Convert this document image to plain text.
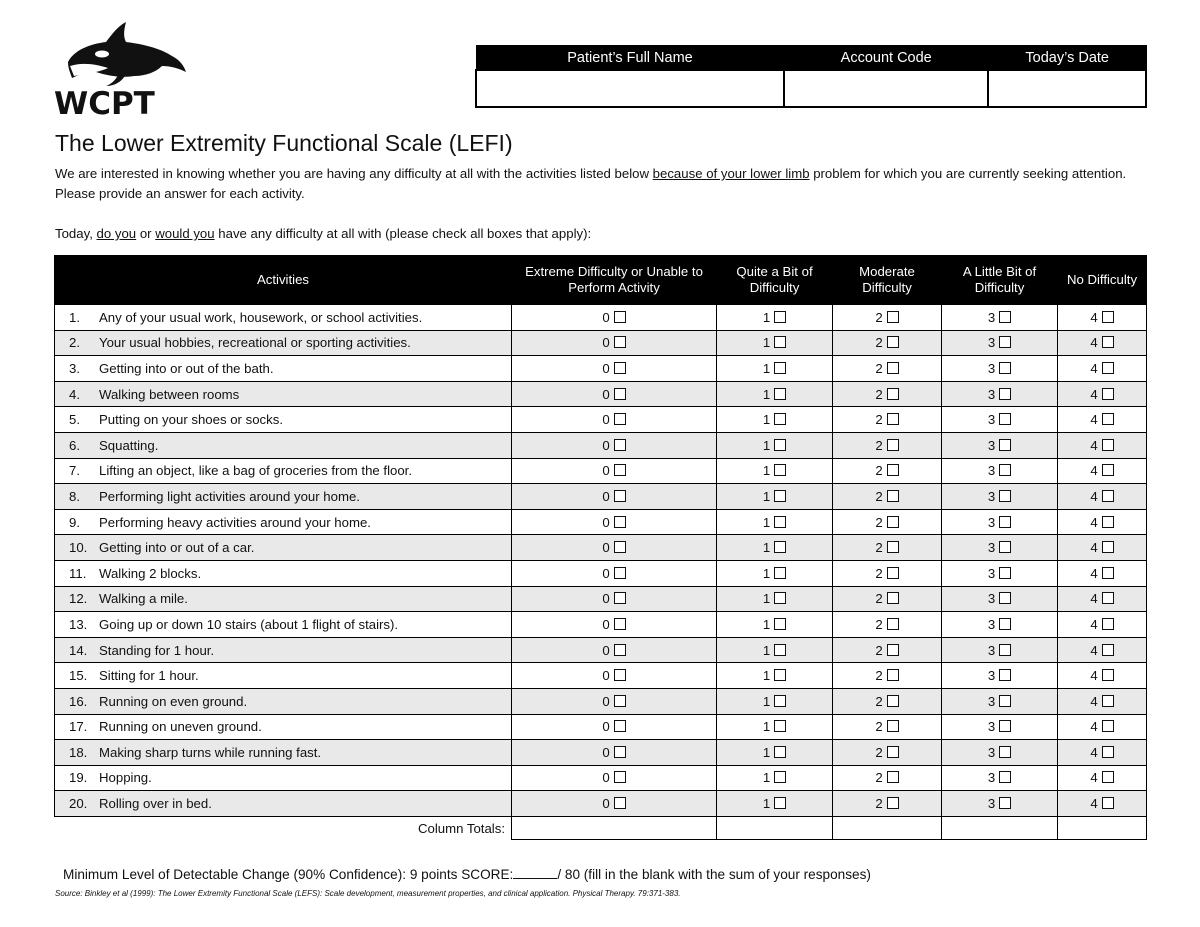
WCPT
Patient’s Full Name	Account Code	Today’s Date

The Lower Extremity Functional Scale (LEFI)

We are interested in knowing whether you are having any difficulty at all with the activities listed below because of your lower limb problem for which you are currently seeking attention. Please provide an answer for each activity.

Today, do you or would you have any difficulty at all with (please check all boxes that apply):

Activities	Extreme Difficulty or Unable to Perform Activity	Quite a Bit of Difficulty	Moderate Difficulty	A Little Bit of Difficulty	No Difficulty
1. Any of your usual work, housework, or school activities.	0	1	2	3	4
2. Your usual hobbies, recreational or sporting activities.	0	1	2	3	4
3. Getting into or out of the bath.	0	1	2	3	4
4. Walking between rooms	0	1	2	3	4
5. Putting on your shoes or socks.	0	1	2	3	4
6. Squatting.	0	1	2	3	4
7. Lifting an object, like a bag of groceries from the floor.	0	1	2	3	4
8. Performing light activities around your home.	0	1	2	3	4
9. Performing heavy activities around your home.	0	1	2	3	4
10. Getting into or out of a car.	0	1	2	3	4
11. Walking 2 blocks.	0	1	2	3	4
12. Walking a mile.	0	1	2	3	4
13. Going up or down 10 stairs (about 1 flight of stairs).	0	1	2	3	4
14. Standing for 1 hour.	0	1	2	3	4
15. Sitting for 1 hour.	0	1	2	3	4
16. Running on even ground.	0	1	2	3	4
17. Running on uneven ground.	0	1	2	3	4
18. Making sharp turns while running fast.	0	1	2	3	4
19. Hopping.	0	1	2	3	4
20. Rolling over in bed.	0	1	2	3	4
Column Totals:					

Minimum Level of Detectable Change (90% Confidence): 9 points SCORE:	/ 80 (fill in the blank with the sum of your responses)

Source: Binkley et al (1999): The Lower Extremity Functional Scale (LEFS): Scale development, measurement properties, and clinical application. Physical Therapy. 79:371-383.
